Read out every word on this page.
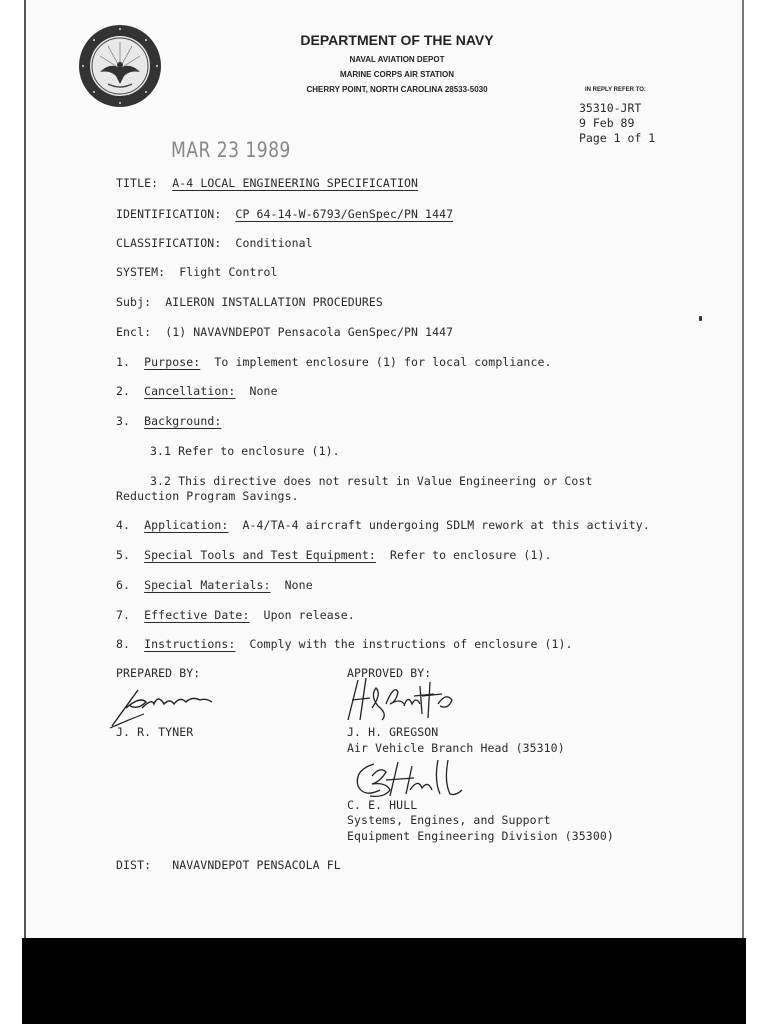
DEPARTMENT OF THE NAVY
NAVAL AVIATION DEPOT
MARINE CORPS AIR STATION
CHERRY POINT, NORTH CAROLINA 28533-5030	IN REPLY REFER TO:
35310-JRT
9 Feb 89
Page 1 of 1
MAR 23 1989
TITLE: A-4 LOCAL ENGINEERING SPECIFICATION
IDENTIFICATION: CP 64-14-W-6793/GenSpec/PN 1447
CLASSIFICATION: Conditional
SYSTEM: Flight Control
Subj: AILERON INSTALLATION PROCEDURES
Encl: (1) NAVAVNDEPOT Pensacola GenSpec/PN 1447
1. Purpose: To implement enclosure (1) for local compliance.
2. Cancellation: None
3. Background:
3.1 Refer to enclosure (1).
3.2 This directive does not result in Value Engineering or Cost
Reduction Program Savings.
4. Application: A-4/TA-4 aircraft undergoing SDLM rework at this activity.
5. Special Tools and Test Equipment: Refer to enclosure (1).
6. Special Materials: None
7. Effective Date: Upon release.
8. Instructions: Comply with the instructions of enclosure (1).
PREPARED BY:	APPROVED BY:
J. R. TYNER	J. H. GREGSON
Air Vehicle Branch Head (35310)
C. E. HULL
Systems, Engines, and Support
Equipment Engineering Division (35300)
DIST: NAVAVNDEPOT PENSACOLA FL
